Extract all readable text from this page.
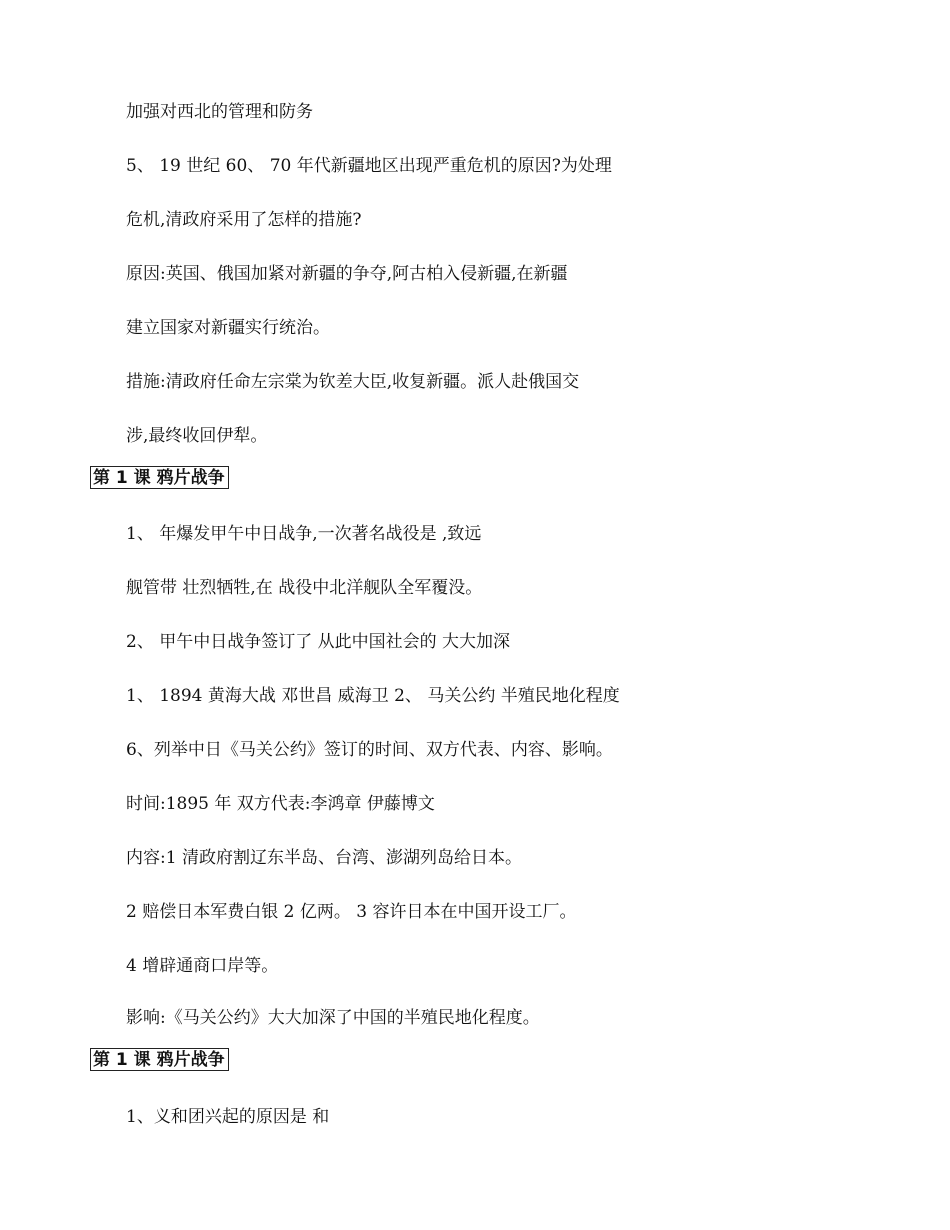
加强对西北的管理和防务
5、 19 世纪 60、 70 年代新疆地区出现严重危机的原因?为处理
危机,清政府采用了怎样的措施?
原因:英国、俄国加紧对新疆的争夺,阿古柏入侵新疆,在新疆
建立国家对新疆实行统治。
措施:清政府任命左宗棠为钦差大臣,收复新疆。派人赴俄国交
涉,最终收回伊犁。
第 1 课 鸦片战争
1、 年爆发甲午中日战争,一次著名战役是 ,致远
舰管带 壮烈牺牲,在 战役中北洋舰队全军覆没。
2、 甲午中日战争签订了 从此中国社会的 大大加深
1、 1894 黄海大战 邓世昌 威海卫 2、 马关公约 半殖民地化程度
6、列举中日《马关公约》签订的时间、双方代表、内容、影响。
时间:1895 年 双方代表:李鸿章 伊藤博文
内容:1 清政府割辽东半岛、台湾、澎湖列岛给日本。
2 赔偿日本军费白银 2 亿两。 3 容许日本在中国开设工厂。
4 增辟通商口岸等。
影响:《马关公约》大大加深了中国的半殖民地化程度。
第 1 课 鸦片战争
1、义和团兴起的原因是 和
